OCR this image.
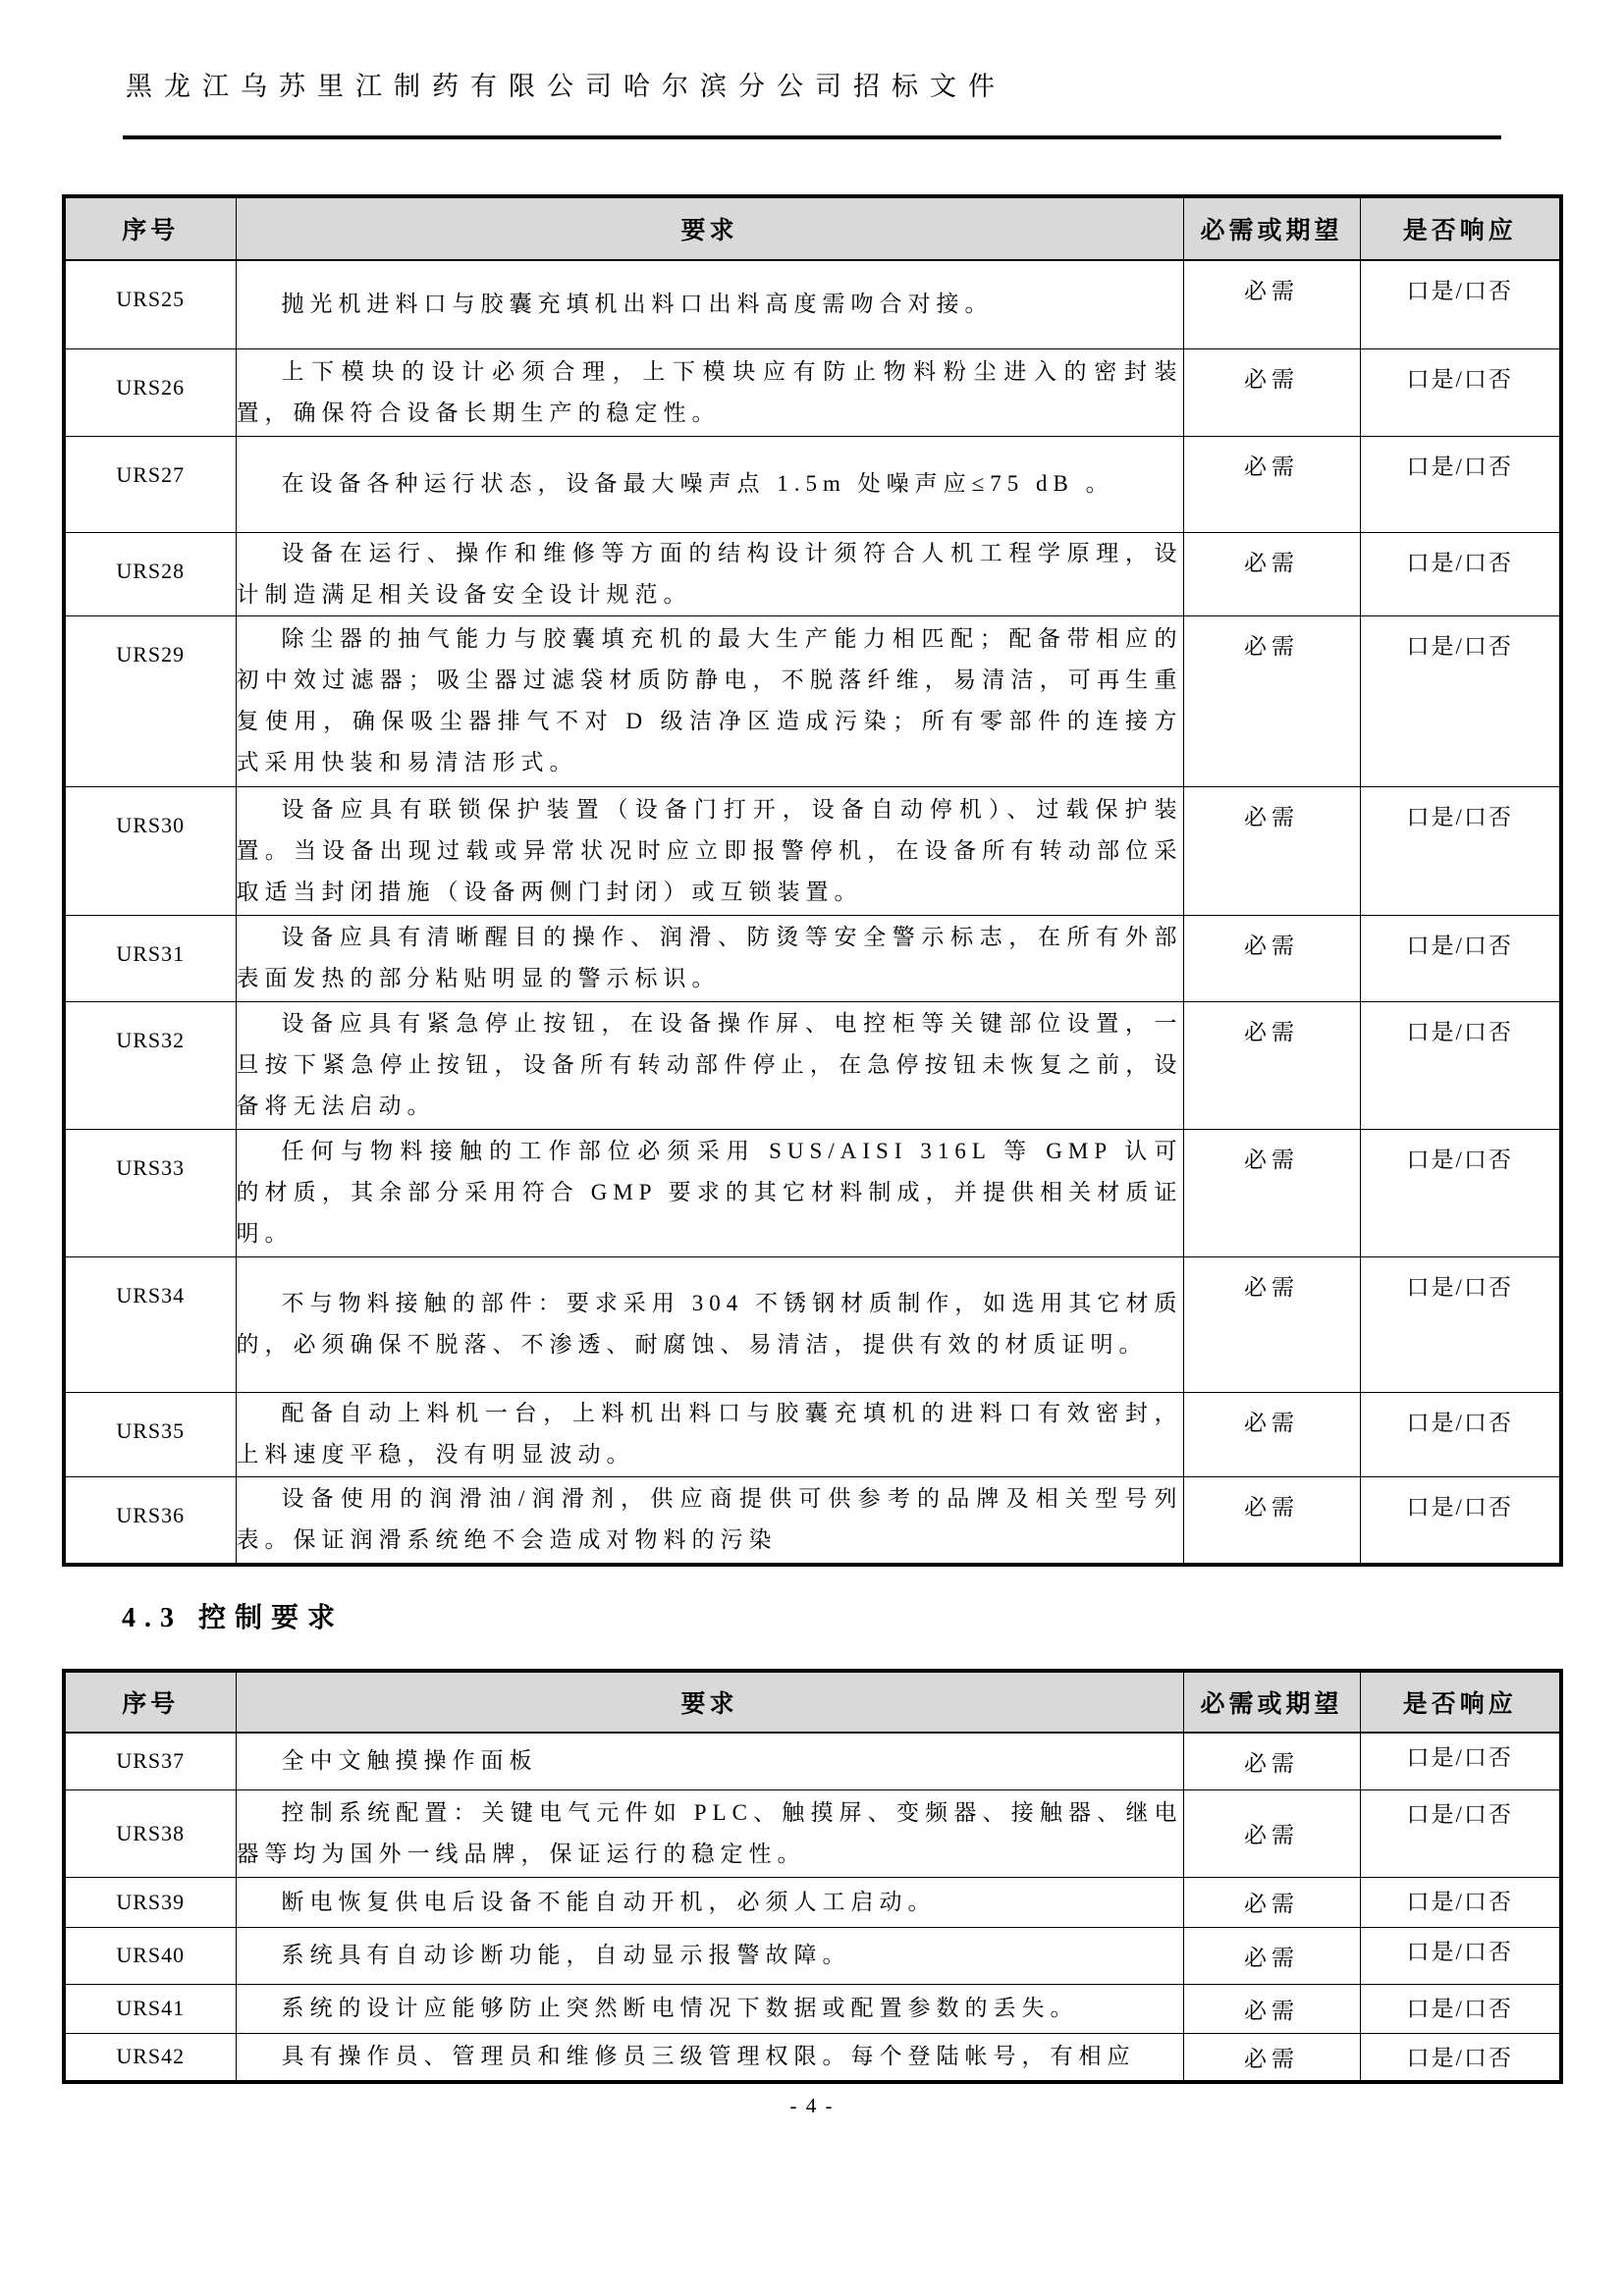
黑龙江乌苏里江制药有限公司哈尔滨分公司招标文件
序号	要求	必需或期望	是否响应
URS25	抛光机进料口与胶囊充填机出料口出料高度需吻合对接。	必需	口是/口否
URS26	上下模块的设计必须合理，上下模块应有防止物料粉尘进入的密封装置，确保符合设备长期生产的稳定性。	必需	口是/口否
URS27	在设备各种运行状态，设备最大噪声点 1.5m 处噪声应≤75 dB 。	必需	口是/口否
URS28	设备在运行、操作和维修等方面的结构设计须符合人机工程学原理，设计制造满足相关设备安全设计规范。	必需	口是/口否
URS29	除尘器的抽气能力与胶囊填充机的最大生产能力相匹配；配备带相应的初中效过滤器；吸尘器过滤袋材质防静电，不脱落纤维，易清洁，可再生重复使用，确保吸尘器排气不对 D 级洁净区造成污染；所有零部件的连接方式采用快装和易清洁形式。	必需	口是/口否
URS30	设备应具有联锁保护装置（设备门打开，设备自动停机）、过载保护装置。当设备出现过载或异常状况时应立即报警停机，在设备所有转动部位采取适当封闭措施（设备两侧门封闭）或互锁装置。	必需	口是/口否
URS31	设备应具有清晰醒目的操作、润滑、防烫等安全警示标志，在所有外部表面发热的部分粘贴明显的警示标识。	必需	口是/口否
URS32	设备应具有紧急停止按钮，在设备操作屏、电控柜等关键部位设置，一旦按下紧急停止按钮，设备所有转动部件停止，在急停按钮未恢复之前，设备将无法启动。	必需	口是/口否
URS33	任何与物料接触的工作部位必须采用 SUS/AISI 316L 等 GMP 认可的材质，其余部分采用符合 GMP 要求的其它材料制成，并提供相关材质证明。	必需	口是/口否
URS34	不与物料接触的部件：要求采用 304 不锈钢材质制作，如选用其它材质的，必须确保不脱落、不渗透、耐腐蚀、易清洁，提供有效的材质证明。	必需	口是/口否
URS35	配备自动上料机一台，上料机出料口与胶囊充填机的进料口有效密封，上料速度平稳，没有明显波动。	必需	口是/口否
URS36	设备使用的润滑油/润滑剂，供应商提供可供参考的品牌及相关型号列表。保证润滑系统绝不会造成对物料的污染	必需	口是/口否
4.3 控制要求
序号	要求	必需或期望	是否响应
URS37	全中文触摸操作面板	必需	口是/口否
URS38	控制系统配置：关键电气元件如 PLC、触摸屏、变频器、接触器、继电器等均为国外一线品牌，保证运行的稳定性。	必需	口是/口否
URS39	断电恢复供电后设备不能自动开机，必须人工启动。	必需	口是/口否
URS40	系统具有自动诊断功能，自动显示报警故障。	必需	口是/口否
URS41	系统的设计应能够防止突然断电情况下数据或配置参数的丢失。	必需	口是/口否
URS42	具有操作员、管理员和维修员三级管理权限。每个登陆帐号，有相应	必需	口是/口否
- 4 -
